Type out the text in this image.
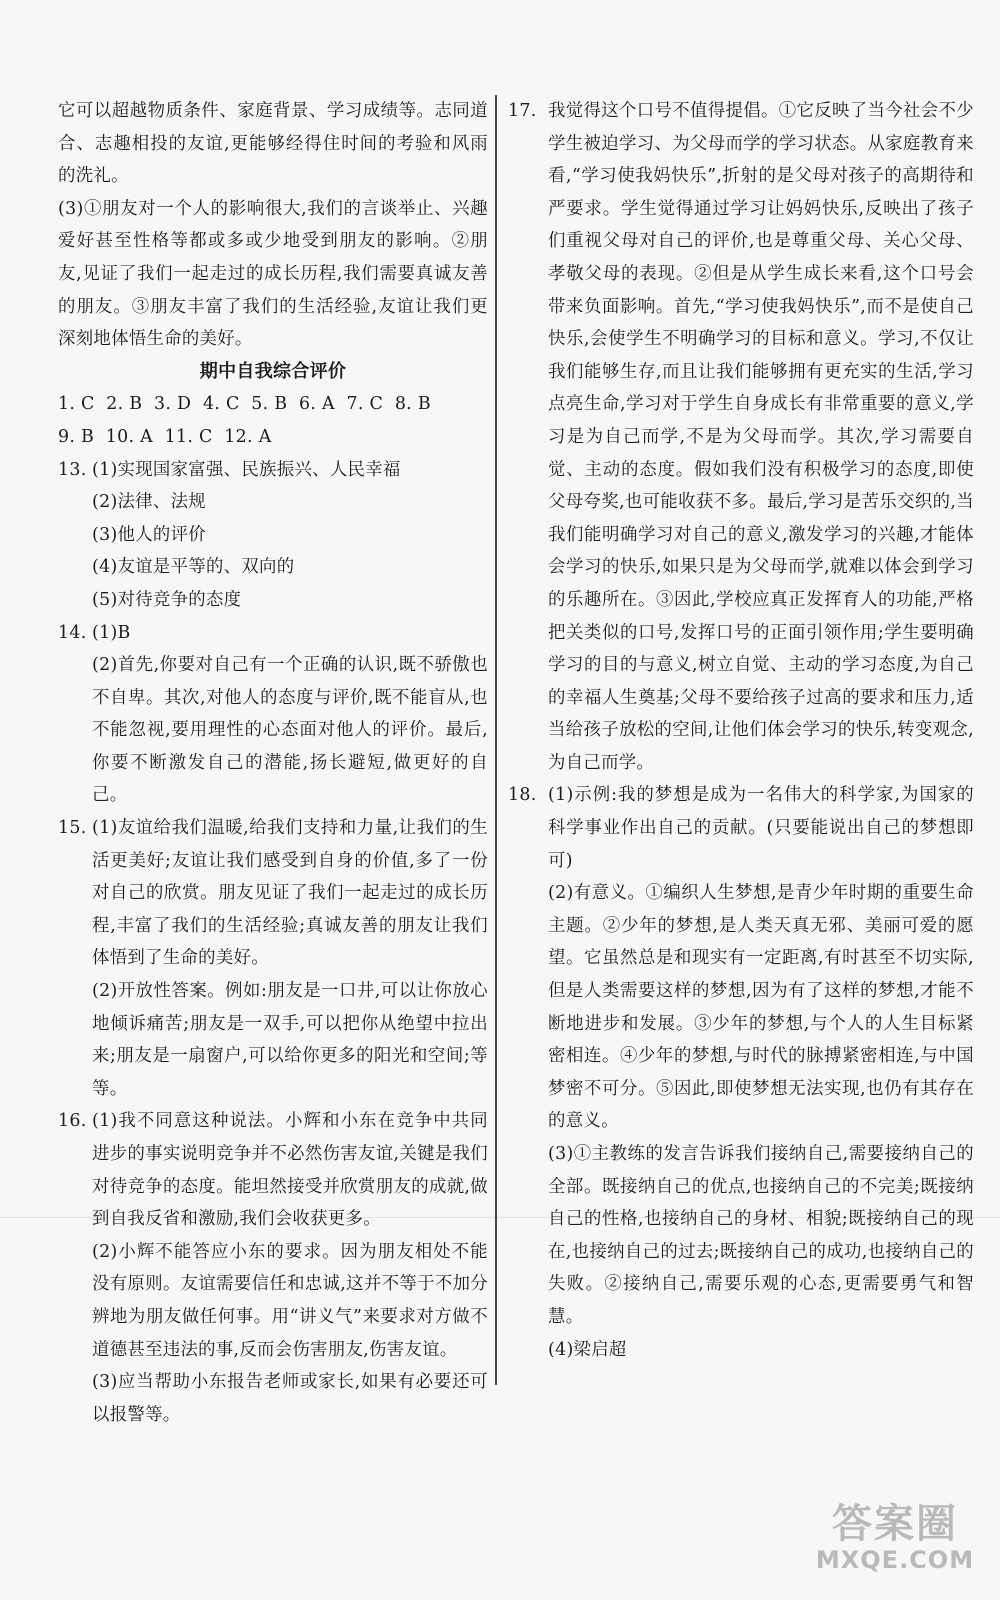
它可以超越物质条件、家庭背景、学习成绩等。志同道合、志趣相投的友谊,更能够经得住时间的考验和风雨的洗礼。

(3)①朋友对一个人的影响很大,我们的言谈举止、兴趣爱好甚至性格等都或多或少地受到朋友的影响。②朋友,见证了我们一起走过的成长历程,我们需要真诚友善的朋友。③朋友丰富了我们的生活经验,友谊让我们更深刻地体悟生命的美好。

期中自我综合评价

1. C  2. B  3. D  4. C  5. B  6. A  7. C  8. B

9. B  10. A  11. C  12. A

13. (1)实现国家富强、民族振兴、人民幸福

(2)法律、法规

(3)他人的评价

(4)友谊是平等的、双向的

(5)对待竞争的态度

14. (1)B

(2)首先,你要对自己有一个正确的认识,既不骄傲也不自卑。其次,对他人的态度与评价,既不能盲从,也不能忽视,要用理性的心态面对他人的评价。最后,你要不断激发自己的潜能,扬长避短,做更好的自己。

15. (1)友谊给我们温暖,给我们支持和力量,让我们的生活更美好;友谊让我们感受到自身的价值,多了一份对自己的欣赏。朋友见证了我们一起走过的成长历程,丰富了我们的生活经验;真诚友善的朋友让我们体悟到了生命的美好。

(2)开放性答案。例如:朋友是一口井,可以让你放心地倾诉痛苦;朋友是一双手,可以把你从绝望中拉出来;朋友是一扇窗户,可以给你更多的阳光和空间;等等。

16. (1)我不同意这种说法。小辉和小东在竞争中共同进步的事实说明竞争并不必然伤害友谊,关键是我们对待竞争的态度。能坦然接受并欣赏朋友的成就,做到自我反省和激励,我们会收获更多。

(2)小辉不能答应小东的要求。因为朋友相处不能没有原则。友谊需要信任和忠诚,这并不等于不加分辨地为朋友做任何事。用“讲义气”来要求对方做不道德甚至违法的事,反而会伤害朋友,伤害友谊。

(3)应当帮助小东报告老师或家长,如果有必要还可以报警等。

17. 我觉得这个口号不值得提倡。①它反映了当今社会不少学生被迫学习、为父母而学的学习状态。从家庭教育来看,“学习使我妈快乐”,折射的是父母对孩子的高期待和严要求。学生觉得通过学习让妈妈快乐,反映出了孩子们重视父母对自己的评价,也是尊重父母、关心父母、孝敬父母的表现。②但是从学生成长来看,这个口号会带来负面影响。首先,“学习使我妈快乐”,而不是使自己快乐,会使学生不明确学习的目标和意义。学习,不仅让我们能够生存,而且让我们能够拥有更充实的生活,学习点亮生命,学习对于学生自身成长有非常重要的意义,学习是为自己而学,不是为父母而学。其次,学习需要自觉、主动的态度。假如我们没有积极学习的态度,即使父母夸奖,也可能收获不多。最后,学习是苦乐交织的,当我们能明确学习对自己的意义,激发学习的兴趣,才能体会学习的快乐,如果只是为父母而学,就难以体会到学习的乐趣所在。③因此,学校应真正发挥育人的功能,严格把关类似的口号,发挥口号的正面引领作用;学生要明确学习的目的与意义,树立自觉、主动的学习态度,为自己的幸福人生奠基;父母不要给孩子过高的要求和压力,适当给孩子放松的空间,让他们体会学习的快乐,转变观念,为自己而学。
18. (1)示例:我的梦想是成为一名伟大的科学家,为国家的科学事业作出自己的贡献。(只要能说出自己的梦想即可)

(2)有意义。①编织人生梦想,是青少年时期的重要生命主题。②少年的梦想,是人类天真无邪、美丽可爱的愿望。它虽然总是和现实有一定距离,有时甚至不切实际,但是人类需要这样的梦想,因为有了这样的梦想,才能不断地进步和发展。③少年的梦想,与个人的人生目标紧密相连。④少年的梦想,与时代的脉搏紧密相连,与中国梦密不可分。⑤因此,即使梦想无法实现,也仍有其存在的意义。

(3)①主教练的发言告诉我们接纳自己,需要接纳自己的全部。既接纳自己的优点,也接纳自己的不完美;既接纳自己的性格,也接纳自己的身材、相貌;既接纳自己的现在,也接纳自己的过去;既接纳自己的成功,也接纳自己的失败。②接纳自己,需要乐观的心态,更需要勇气和智慧。

(4)梁启超

答案圈
MXQE.COM
